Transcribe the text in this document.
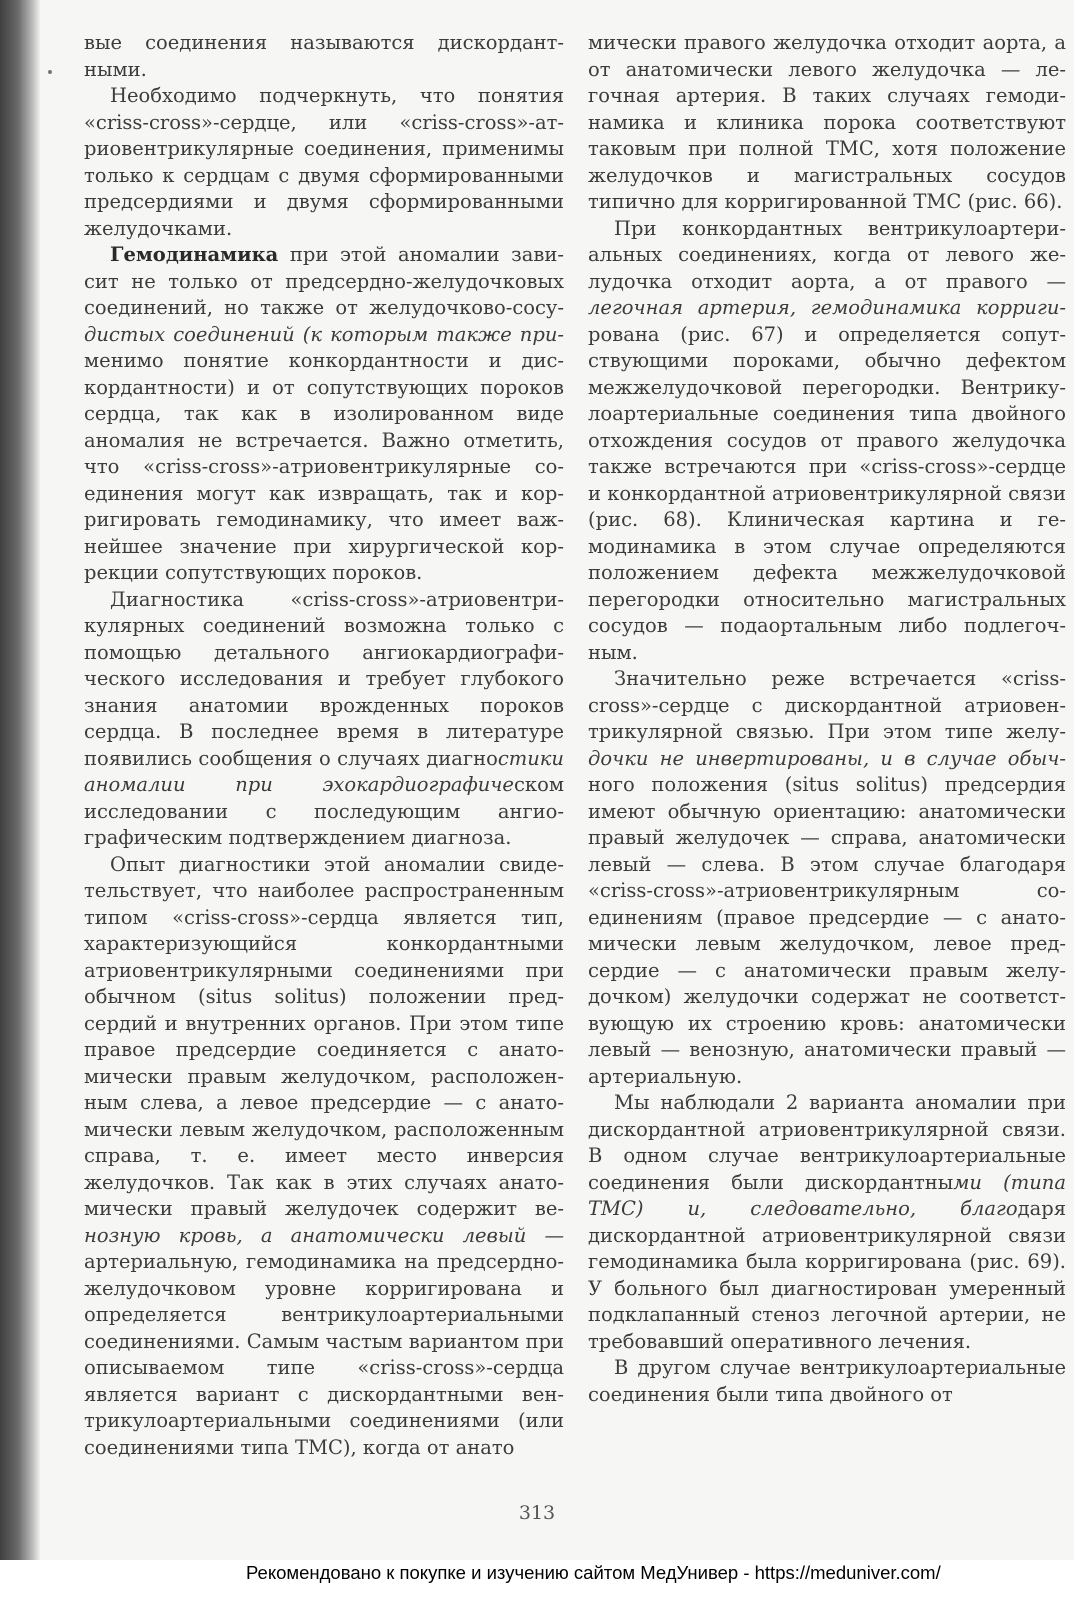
вые соединения называются дискордантными.

Необходимо подчеркнуть, что понятия «criss-cross»-сердце, или «criss-cross»-атриовентрикулярные соединения, применимы только к сердцам с двумя сформированными предсердиями и двумя сформированными желудочками.

Гемодинамика при этой аномалии зависит не только от предсердно-желудочковых соединений, но также от желудочково-сосудистых соединений (к которым также применимо понятие конкордантности и дискордантности) и от сопутствующих пороков сердца, так как в изолированном виде аномалия не встречается. Важно отметить, что «criss-cross»-атриовентрикулярные соединения могут как извращать, так и корригировать гемодинамику, что имеет важнейшее значение при хирургической коррекции сопутствующих пороков.

Диагностика «criss-cross»-атриовентрикулярных соединений возможна только с помощью детального ангиокардиографического исследования и требует глубокого знания анатомии врожденных пороков сердца. В последнее время в литературе появились сообщения о случаях диагностики аномалии при эхокардиографическом исследовании с последующим ангиографическим подтверждением диагноза.

Опыт диагностики этой аномалии свидетельствует, что наиболее распространенным типом «criss-cross»-сердца является тип, характеризующийся конкордантными атриовентрикулярными соединениями при обычном (situs solitus) положении предсердий и внутренних органов. При этом типе правое предсердие соединяется с анатомически правым желудочком, расположенным слева, а левое предсердие — с анатомически левым желудочком, расположенным справа, т. е. имеет место инверсия желудочков. Так как в этих случаях анатомически правый желудочек содержит венозную кровь, а анатомически левый — артериальную, гемодинамика на предсердно-желудочковом уровне корригирована и определяется вентрикулоартериальными соединениями. Самым частым вариантом при описываемом типе «criss-cross»-сердца является вариант с дискордантными вентрикулоартериальными соединениями (или соединениями типа ТМС), когда от анато

мически правого желудочка отходит аорта, а от анатомически левого желудочка — легочная артерия. В таких случаях гемодинамика и клиника порока соответствуют таковым при полной ТМС, хотя положение желудочков и магистральных сосудов типично для корригированной ТМС (рис. 66).

При конкордантных вентрикулоартериальных соединениях, когда от левого желудочка отходит аорта, а от правого — легочная артерия, гемодинамика корригирована (рис. 67) и определяется сопутствующими пороками, обычно дефектом межжелудочковой перегородки. Вентрикулоартериальные соединения типа двойного отхождения сосудов от правого желудочка также встречаются при «criss-cross»-сердце и конкордантной атриовентрикулярной связи (рис. 68). Клиническая картина и гемодинамика в этом случае определяются положением дефекта межжелудочковой перегородки относительно магистральных сосудов — подаортальным либо подлегочным.

Значительно реже встречается «criss-cross»-сердце с дискордантной атриовентрикулярной связью. При этом типе желудочки не инвертированы, и в случае обычного положения (situs solitus) предсердия имеют обычную ориентацию: анатомически правый желудочек — справа, анатомически левый — слева. В этом случае благодаря «criss-cross»-атриовентрикулярным соединениям (правое предсердие — с анатомически левым желудочком, левое предсердие — с анатомически правым желудочком) желудочки содержат не соответствующую их строению кровь: анатомически левый — венозную, анатомически правый — артериальную.

Мы наблюдали 2 варианта аномалии при дискордантной атриовентрикулярной связи. В одном случае вентрикулоартериальные соединения были дискордантными (типа ТМС) и, следовательно, благодаря дискордантной атриовентрикулярной связи гемодинамика была корригирована (рис. 69). У больного был диагностирован умеренный подклапанный стеноз легочной артерии, не требовавший оперативного лечения.

В другом случае вентрикулоартериальные соединения были типа двойного от

313
Рекомендовано к покупке и изучению сайтом МедУнивер - https://meduniver.com/
